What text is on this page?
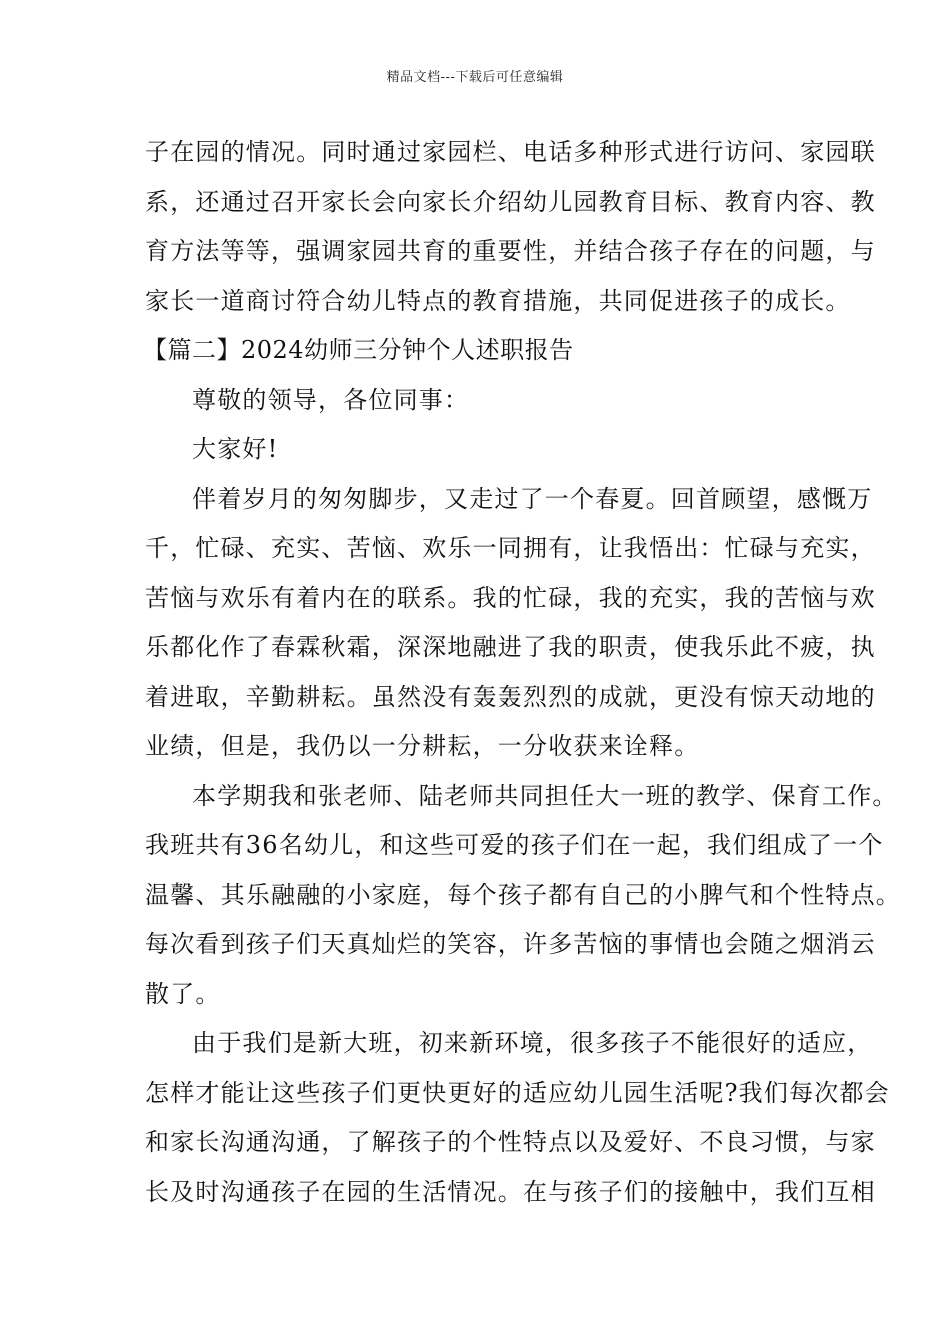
精品文档---下载后可任意编辑
子在园的情况。同时通过家园栏、电话多种形式进行访问、家园联
系，还通过召开家长会向家长介绍幼儿园教育目标、教育内容、教
育方法等等，强调家园共育的重要性，并结合孩子存在的问题，与
家长一道商讨符合幼儿特点的教育措施，共同促进孩子的成长。
【篇二】2024幼师三分钟个人述职报告
尊敬的领导，各位同事：
大家好!
伴着岁月的匆匆脚步，又走过了一个春夏。回首顾望，感慨万
千，忙碌、充实、苦恼、欢乐一同拥有，让我悟出：忙碌与充实，
苦恼与欢乐有着内在的联系。我的忙碌，我的充实，我的苦恼与欢
乐都化作了春霖秋霜，深深地融进了我的职责，使我乐此不疲，执
着进取，辛勤耕耘。虽然没有轰轰烈烈的成就，更没有惊天动地的
业绩，但是，我仍以一分耕耘，一分收获来诠释。
本学期我和张老师、陆老师共同担任大一班的教学、保育工作。
我班共有36名幼儿，和这些可爱的孩子们在一起，我们组成了一个
温馨、其乐融融的小家庭，每个孩子都有自己的小脾气和个性特点。
每次看到孩子们天真灿烂的笑容，许多苦恼的事情也会随之烟消云
散了。
由于我们是新大班，初来新环境，很多孩子不能很好的适应，
怎样才能让这些孩子们更快更好的适应幼儿园生活呢?我们每次都会
和家长沟通沟通，了解孩子的个性特点以及爱好、不良习惯，与家
长及时沟通孩子在园的生活情况。在与孩子们的接触中，我们互相
